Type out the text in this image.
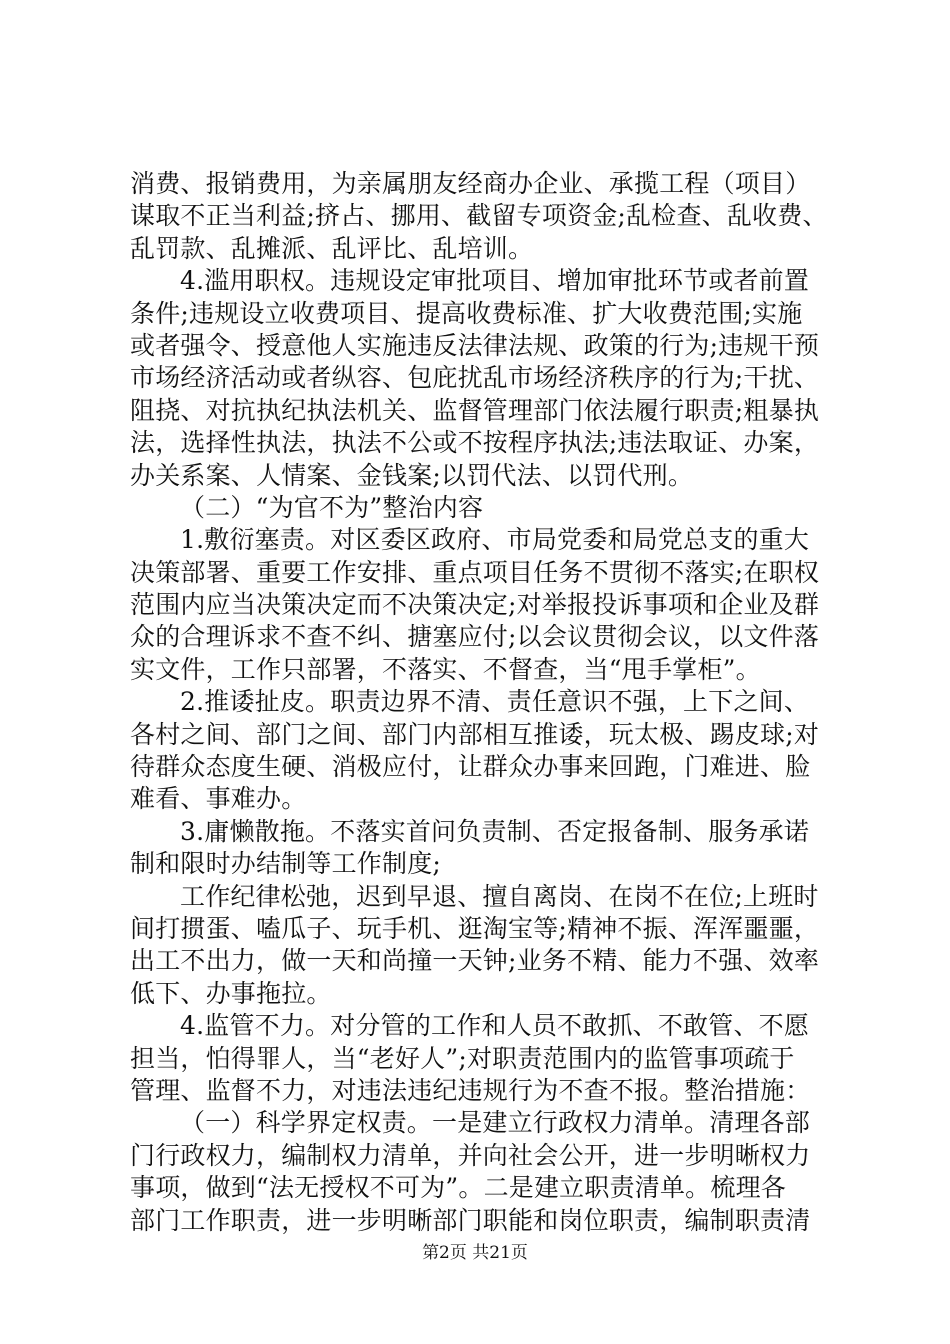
消费、报销费用，为亲属朋友经商办企业、承揽工程（项目）
谋取不正当利益;挤占、挪用、截留专项资金;乱检查、乱收费、
乱罚款、乱摊派、乱评比、乱培训。
4.滥用职权。违规设定审批项目、增加审批环节或者前置
条件;违规设立收费项目、提高收费标准、扩大收费范围;实施
或者强令、授意他人实施违反法律法规、政策的行为;违规干预
市场经济活动或者纵容、包庇扰乱市场经济秩序的行为;干扰、
阻挠、对抗执纪执法机关、监督管理部门依法履行职责;粗暴执
法，选择性执法，执法不公或不按程序执法;违法取证、办案，
办关系案、人情案、金钱案;以罚代法、以罚代刑。
（二）“为官不为”整治内容
1.敷衍塞责。对区委区政府、市局党委和局党总支的重大
决策部署、重要工作安排、重点项目任务不贯彻不落实;在职权
范围内应当决策决定而不决策决定;对举报投诉事项和企业及群
众的合理诉求不查不纠、搪塞应付;以会议贯彻会议，以文件落
实文件，工作只部署，不落实、不督查，当“甩手掌柜”。
2.推诿扯皮。职责边界不清、责任意识不强，上下之间、
各村之间、部门之间、部门内部相互推诿，玩太极、踢皮球;对
待群众态度生硬、消极应付，让群众办事来回跑，门难进、脸
难看、事难办。
3.庸懒散拖。不落实首问负责制、否定报备制、服务承诺
制和限时办结制等工作制度;
工作纪律松弛，迟到早退、擅自离岗、在岗不在位;上班时
间打掼蛋、嗑瓜子、玩手机、逛淘宝等;精神不振、浑浑噩噩，
出工不出力，做一天和尚撞一天钟;业务不精、能力不强、效率
低下、办事拖拉。
4.监管不力。对分管的工作和人员不敢抓、不敢管、不愿
担当，怕得罪人，当“老好人”;对职责范围内的监管事项疏于
管理、监督不力，对违法违纪违规行为不查不报。整治措施：
（一）科学界定权责。一是建立行政权力清单。清理各部
门行政权力，编制权力清单，并向社会公开，进一步明晰权力
事项，做到“法无授权不可为”。二是建立职责清单。梳理各
部门工作职责，进一步明晰部门职能和岗位职责，编制职责清
第2页 共21页
